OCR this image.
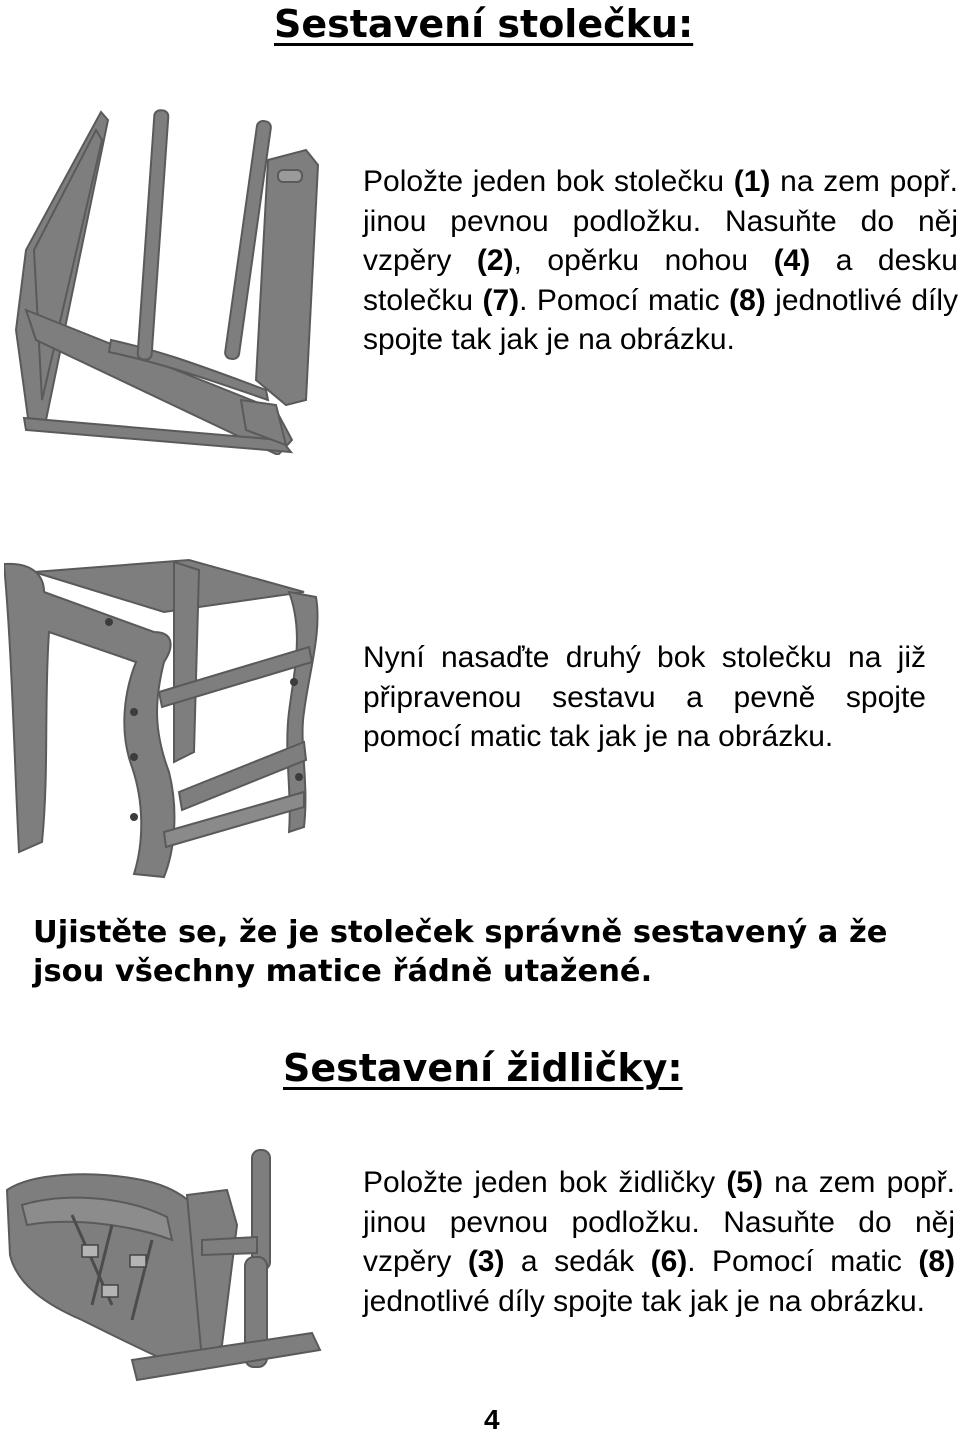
Sestavení stolečku:

Položte jeden bok stolečku (1) na zem popř. jinou pevnou podložku. Nasuňte do něj vzpěry (2), opěrku nohou (4) a desku stolečku (7). Pomocí matic (8) jednotlivé díly spojte tak jak je na obrázku.

Nyní nasaďte druhý bok stolečku na již připravenou sestavu a pevně spojte pomocí matic tak jak je na obrázku.

Ujistěte se, že je stoleček správně sestavený a že jsou všechny matice řádně utažené.

Sestavení židličky:

Položte jeden bok židličky (5) na zem popř. jinou pevnou podložku. Nasuňte do něj vzpěry (3) a sedák (6). Pomocí matic (8) jednotlivé díly spojte tak jak je na obrázku.

4
